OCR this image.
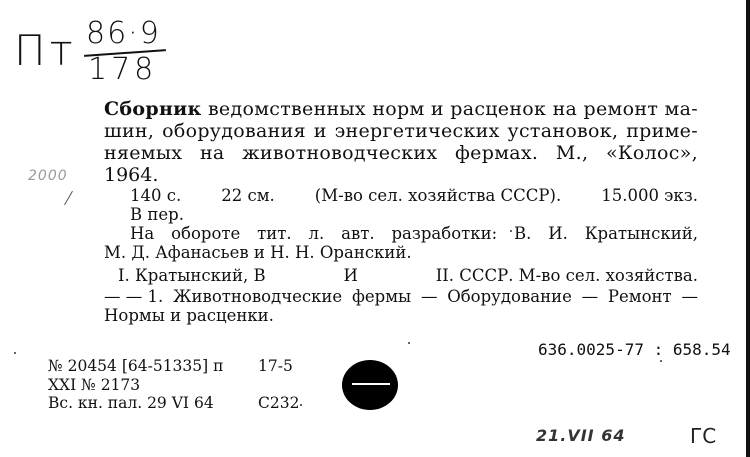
Пт 86·9
178
2000
Сборник ведомственных норм и расценок на ремонт ма-
шин, оборудования и энергетических установок, приме-
няемых на животноводческих фермах. М., «Колос»,
1964.
140 с. 22 см. (М-во сел. хозяйства СССР). 15.000 экз.
В пер.
На обороте тит. л. авт. разработки: В. И. Кратынский,
М. Д. Афанасьев и Н. Н. Оранский.
I. Кратынский, В	И	II. СССР. М-во сел. хозяйства.
— — 1. Животноводческие фермы — Оборудование — Ремонт —
Нормы и расценки.
636.0025-77 : 658.54
№ 20454 [64-51335] п 17-5
XXI № 2173
Вс. кн. пал. 29 VI 64	С232
21.VII 64	ГС
